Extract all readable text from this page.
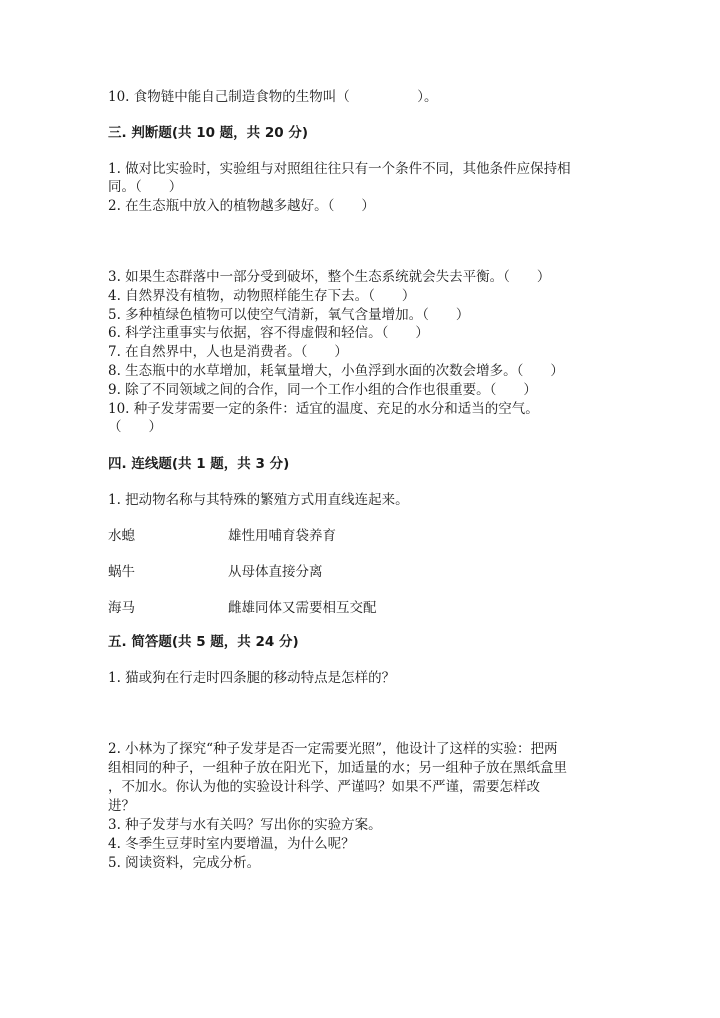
10. 食物链中能自己制造食物的生物叫（　　　　　）。
三. 判断题(共 10 题，共 20 分)
1. 做对比实验时，实验组与对照组往往只有一个条件不同，其他条件应保持相
同。（　　）
2. 在生态瓶中放入的植物越多越好。（　　）
3. 如果生态群落中一部分受到破坏，整个生态系统就会失去平衡。（　　）
4. 自然界没有植物，动物照样能生存下去。（　　）
5. 多种植绿色植物可以使空气清新，氧气含量增加。（　　）
6. 科学注重事实与依据，容不得虚假和轻信。（　　）
7. 在自然界中，人也是消费者。（　　）
8. 生态瓶中的水草增加，耗氧量增大，小鱼浮到水面的次数会增多。（　　）
9. 除了不同领域之间的合作，同一个工作小组的合作也很重要。（　　）
10. 种子发芽需要一定的条件：适宜的温度、充足的水分和适当的空气。
（　　）
四. 连线题(共 1 题，共 3 分)
1. 把动物名称与其特殊的繁殖方式用直线连起来。
水螅	雄性用哺育袋养育
蜗牛	从母体直接分离
海马	雌雄同体又需要相互交配
五. 简答题(共 5 题，共 24 分)
1. 猫或狗在行走时四条腿的移动特点是怎样的？
2. 小林为了探究“种子发芽是否一定需要光照”，他设计了这样的实验：把两
组相同的种子，一组种子放在阳光下，加适量的水；另一组种子放在黑纸盒里
，不加水。你认为他的实验设计科学、严谨吗？如果不严谨，需要怎样改
进？
3. 种子发芽与水有关吗？写出你的实验方案。
4. 冬季生豆芽时室内要增温，为什么呢？
5. 阅读资料，完成分析。
